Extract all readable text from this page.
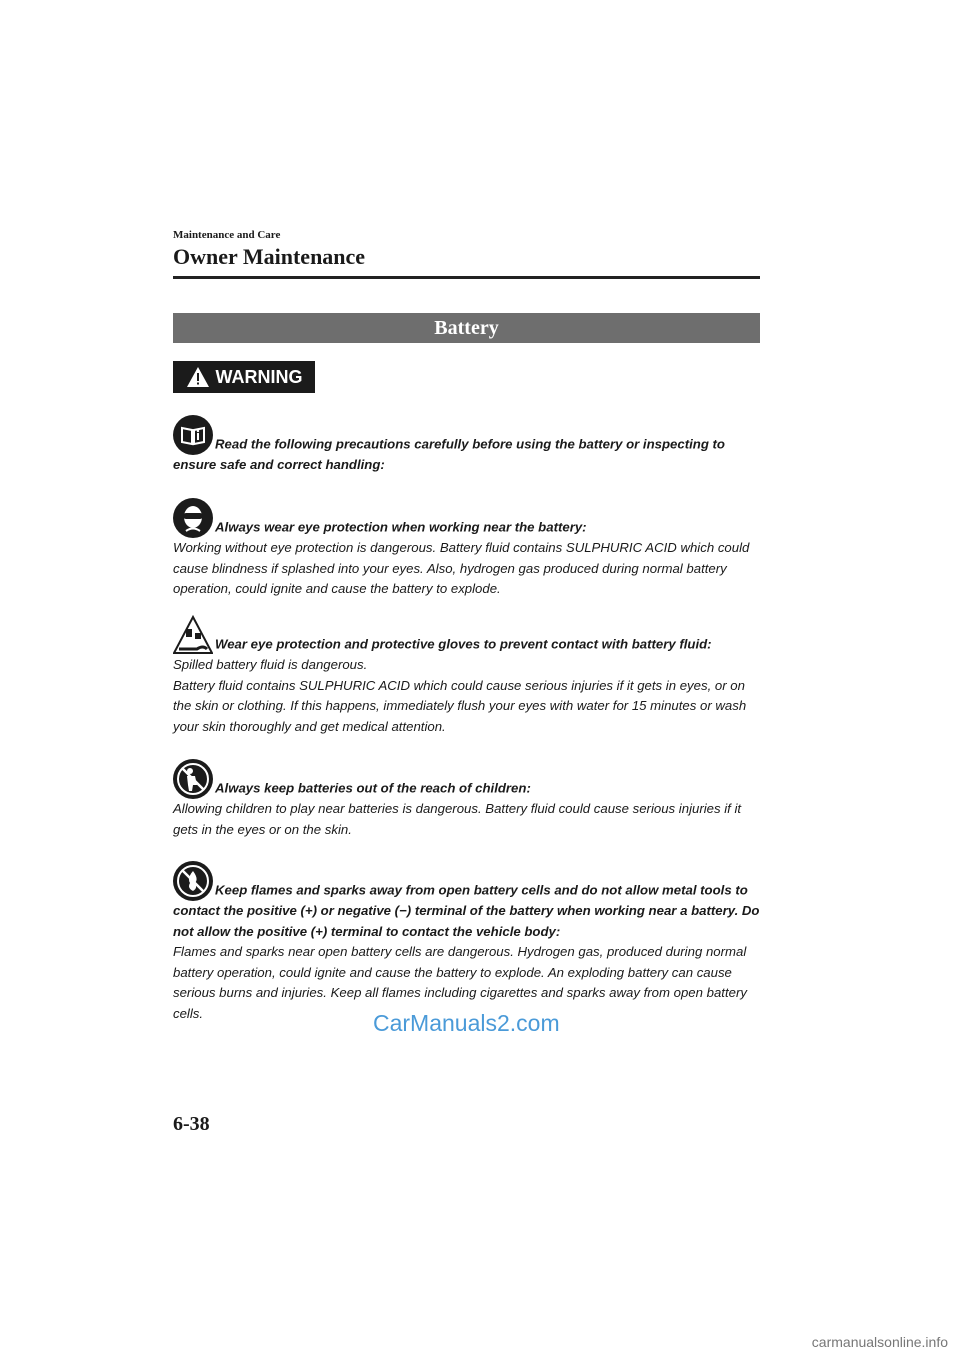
Maintenance and Care
Owner Maintenance
Battery
WARNING
Read the following precautions carefully before using the battery or inspecting to ensure safe and correct handling:
Always wear eye protection when working near the battery:
Working without eye protection is dangerous. Battery fluid contains SULPHURIC ACID which could cause blindness if splashed into your eyes. Also, hydrogen gas produced during normal battery operation, could ignite and cause the battery to explode.
Wear eye protection and protective gloves to prevent contact with battery fluid:
Spilled battery fluid is dangerous.
Battery fluid contains SULPHURIC ACID which could cause serious injuries if it gets in eyes, or on the skin or clothing. If this happens, immediately flush your eyes with water for 15 minutes or wash your skin thoroughly and get medical attention.
Always keep batteries out of the reach of children:
Allowing children to play near batteries is dangerous. Battery fluid could cause serious injuries if it gets in the eyes or on the skin.
Keep flames and sparks away from open battery cells and do not allow metal tools to contact the positive (+) or negative (−) terminal of the battery when working near a battery. Do not allow the positive (+) terminal to contact the vehicle body:
Flames and sparks near open battery cells are dangerous. Hydrogen gas, produced during normal battery operation, could ignite and cause the battery to explode. An exploding battery can cause serious burns and injuries. Keep all flames including cigarettes and sparks away from open battery cells.	CarManuals2.com
6-38
carmanualsonline.info
